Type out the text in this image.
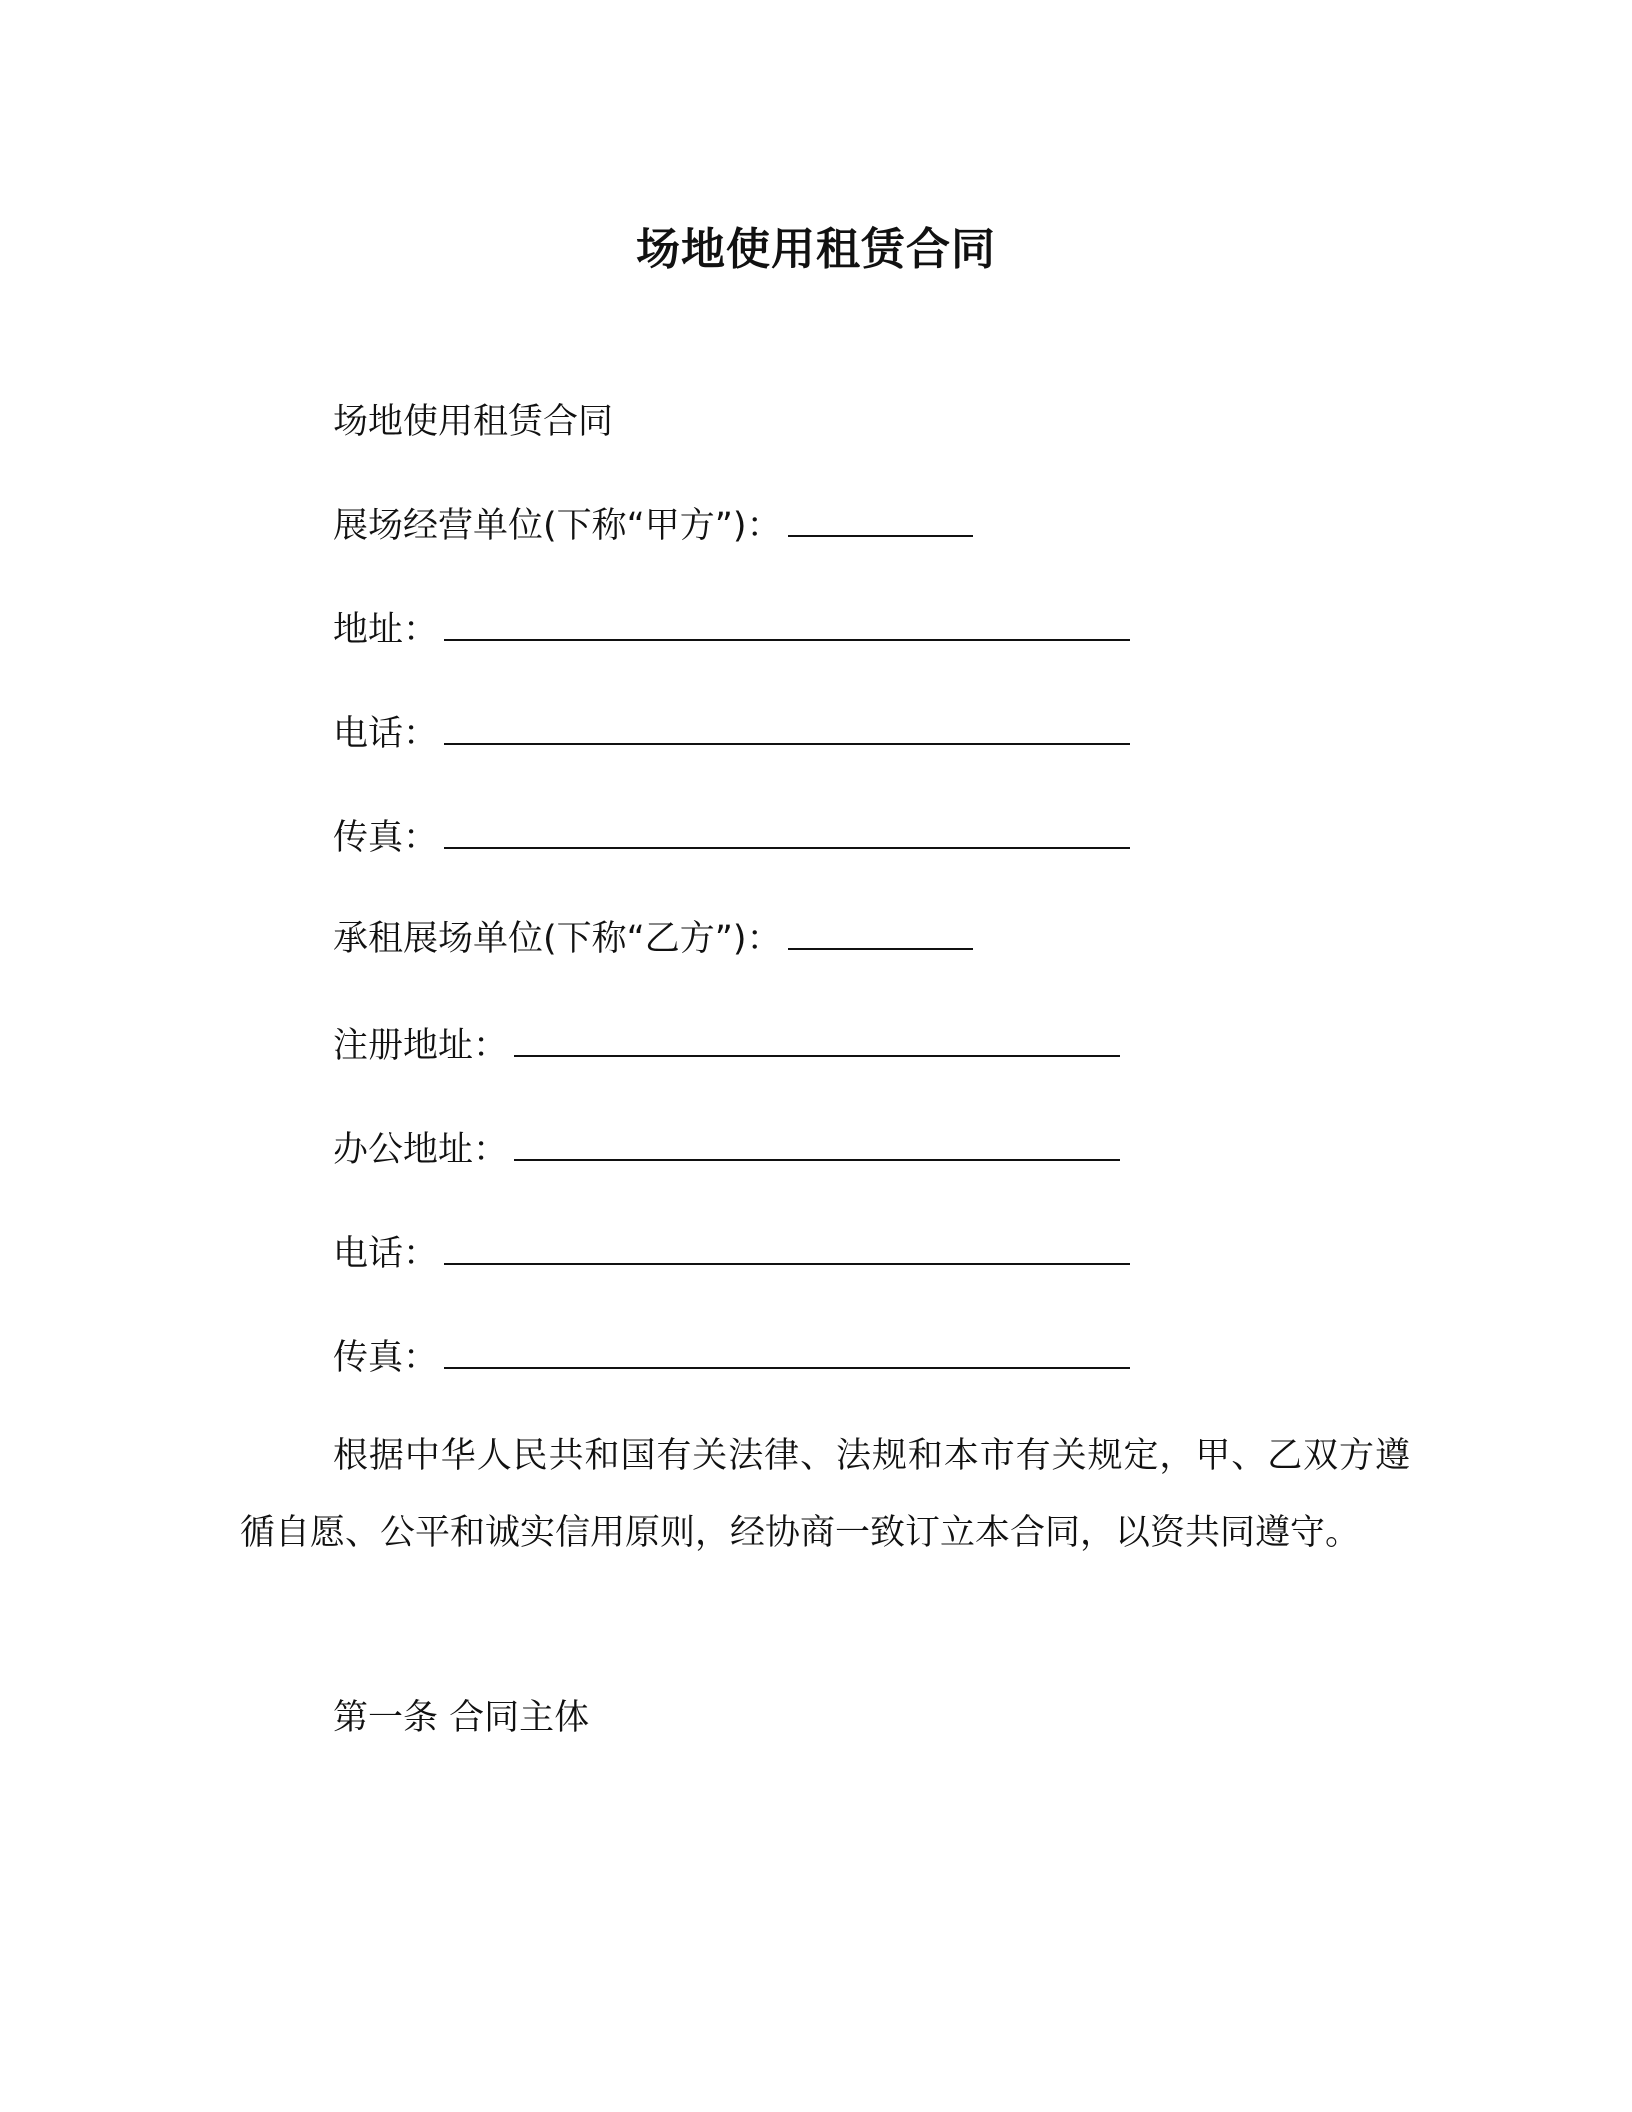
场地使用租赁合同
场地使用租赁合同
展场经营单位(下称“甲方”)：
地址：
电话：
传真：
承租展场单位(下称“乙方”)：
注册地址：
办公地址：
电话：
传真：
根据中华人民共和国有关法律、法规和本市有关规定，甲、乙双方遵循自愿、公平和诚实信用原则，经协商一致订立本合同，以资共同遵守。
第一条 合同主体
